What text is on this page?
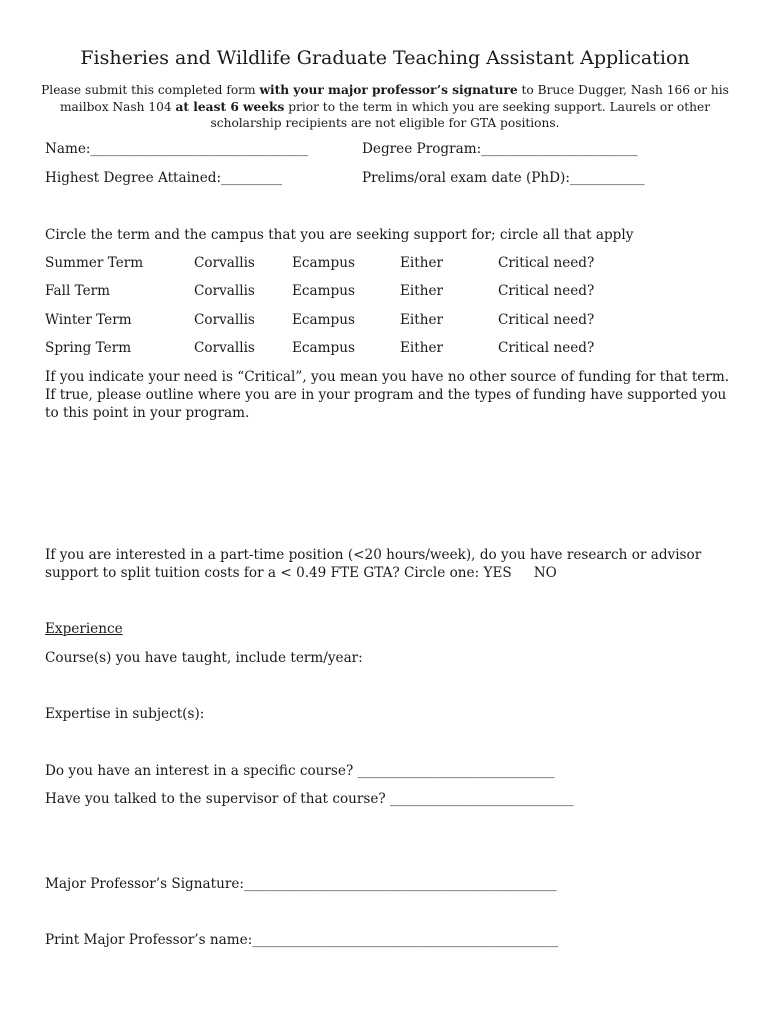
Fisheries and Wildlife Graduate Teaching Assistant Application
Please submit this completed form with your major professor’s signature to Bruce Dugger, Nash 166 or his mailbox Nash 104 at least 6 weeks prior to the term in which you are seeking support. Laurels or other scholarship recipients are not eligible for GTA positions.
Name:________________________________	Degree Program:_______________________
Highest Degree Attained:_________	Prelims/oral exam date (PhD):___________
Circle the term and the campus that you are seeking support for; circle all that apply
Summer Term	Corvallis	Ecampus	Either	Critical need?
Fall Term	Corvallis	Ecampus	Either	Critical need?
Winter Term	Corvallis	Ecampus	Either	Critical need?
Spring Term	Corvallis	Ecampus	Either	Critical need?
If you indicate your need is “Critical”, you mean you have no other source of funding for that term. If true, please outline where you are in your program and the types of funding have supported you to this point in your program.
If you are interested in a part-time position (<20 hours/week), do you have research or advisor support to split tuition costs for a < 0.49 FTE GTA? Circle one: YES NO
Experience
Course(s) you have taught, include term/year:
Expertise in subject(s):
Do you have an interest in a specific course? _____________________________
Have you talked to the supervisor of that course? ___________________________
Major Professor’s Signature:______________________________________________
Print Major Professor’s name:_____________________________________________
